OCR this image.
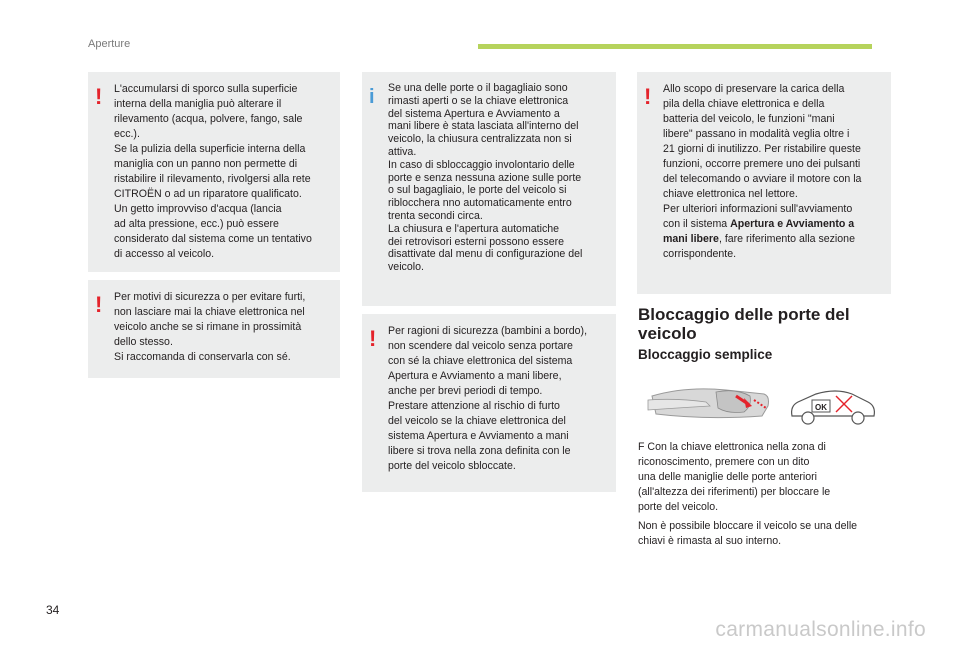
Aperture
! L'accumularsi di sporco sulla superficie
interna della maniglia può alterare il
rilevamento (acqua, polvere, fango, sale
ecc.).
Se la pulizia della superficie interna della
maniglia con un panno non permette di
ristabilire il rilevamento, rivolgersi alla rete
CITROËN o ad un riparatore qualificato.
Un getto improvviso d'acqua (lancia
ad alta pressione, ecc.) può essere
considerato dal sistema come un tentativo
di accesso al veicolo.

! Per motivi di sicurezza o per evitare furti,
non lasciare mai la chiave elettronica nel
veicolo anche se si rimane in prossimità
dello stesso.
Si raccomanda di conservarla con sé.

i Se una delle porte o il bagagliaio sono
rimasti aperti o se la chiave elettronica
del sistema Apertura e Avviamento a
mani libere è stata lasciata all'interno del
veicolo, la chiusura centralizzata non si
attiva.
In caso di sbloccaggio involontario delle
porte e senza nessuna azione sulle porte
o sul bagagliaio, le porte del veicolo si
riblocchera nno automaticamente entro
trenta secondi circa.
La chiusura e l'apertura automatiche
dei retrovisori esterni possono essere
disattivate dal menu di configurazione del
veicolo.

! Per ragioni di sicurezza (bambini a bordo),
non scendere dal veicolo senza portare
con sé la chiave elettronica del sistema
Apertura e Avviamento a mani libere,
anche per brevi periodi di tempo.
Prestare attenzione al rischio di furto
del veicolo se la chiave elettronica del
sistema Apertura e Avviamento a mani
libere si trova nella zona definita con le
porte del veicolo sbloccate.

! Allo scopo di preservare la carica della
pila della chiave elettronica e della
batteria del veicolo, le funzioni "mani
libere" passano in modalità veglia oltre i
21 giorni di inutilizzo. Per ristabilire queste
funzioni, occorre premere uno dei pulsanti
del telecomando o avviare il motore con la
chiave elettronica nel lettore.
Per ulteriori informazioni sull'avviamento
con il sistema Apertura e Avviamento a
mani libere, fare riferimento alla sezione
corrispondente.

Bloccaggio delle porte del
veicolo
Bloccaggio semplice
OK

F Con la chiave elettronica nella zona di
riconoscimento, premere con un dito
una delle maniglie delle porte anteriori
(all'altezza dei riferimenti) per bloccare le
porte del veicolo.

Non è possibile bloccare il veicolo se una delle
chiavi è rimasta al suo interno.

34
carmanualsonline.info
